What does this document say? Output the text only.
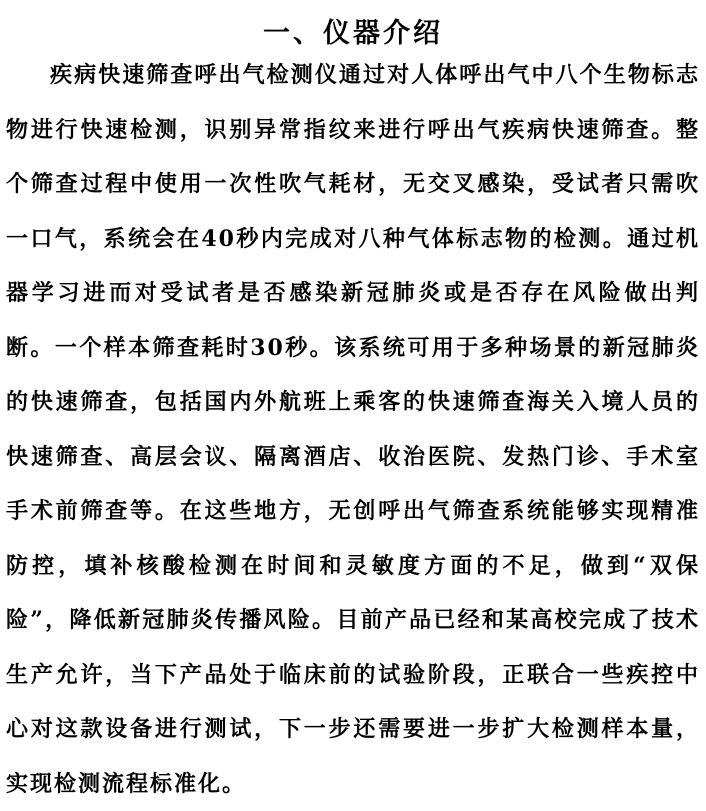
一、仪器介绍

疾病快速筛查呼出气检测仪通过对人体呼出气中八个生物标志物进行快速检测，识别异常指纹来进行呼出气疾病快速筛查。整个筛查过程中使用一次性吹气耗材，无交叉感染，受试者只需吹一口气，系统会在40秒内完成对八种气体标志物的检测。通过机器学习进而对受试者是否感染新冠肺炎或是否存在风险做出判断。一个样本筛查耗时30秒。该系统可用于多种场景的新冠肺炎的快速筛查，包括国内外航班上乘客的快速筛查海关入境人员的快速筛查、高层会议、隔离酒店、收治医院、发热门诊、手术室手术前筛查等。在这些地方，无创呼出气筛查系统能够实现精准防控，填补核酸检测在时间和灵敏度方面的不足，做到“双保险”，降低新冠肺炎传播风险。目前产品已经和某高校完成了技术生产允许，当下产品处于临床前的试验阶段，正联合一些疾控中心对这款设备进行测试，下一步还需要进一步扩大检测样本量，实现检测流程标准化。
